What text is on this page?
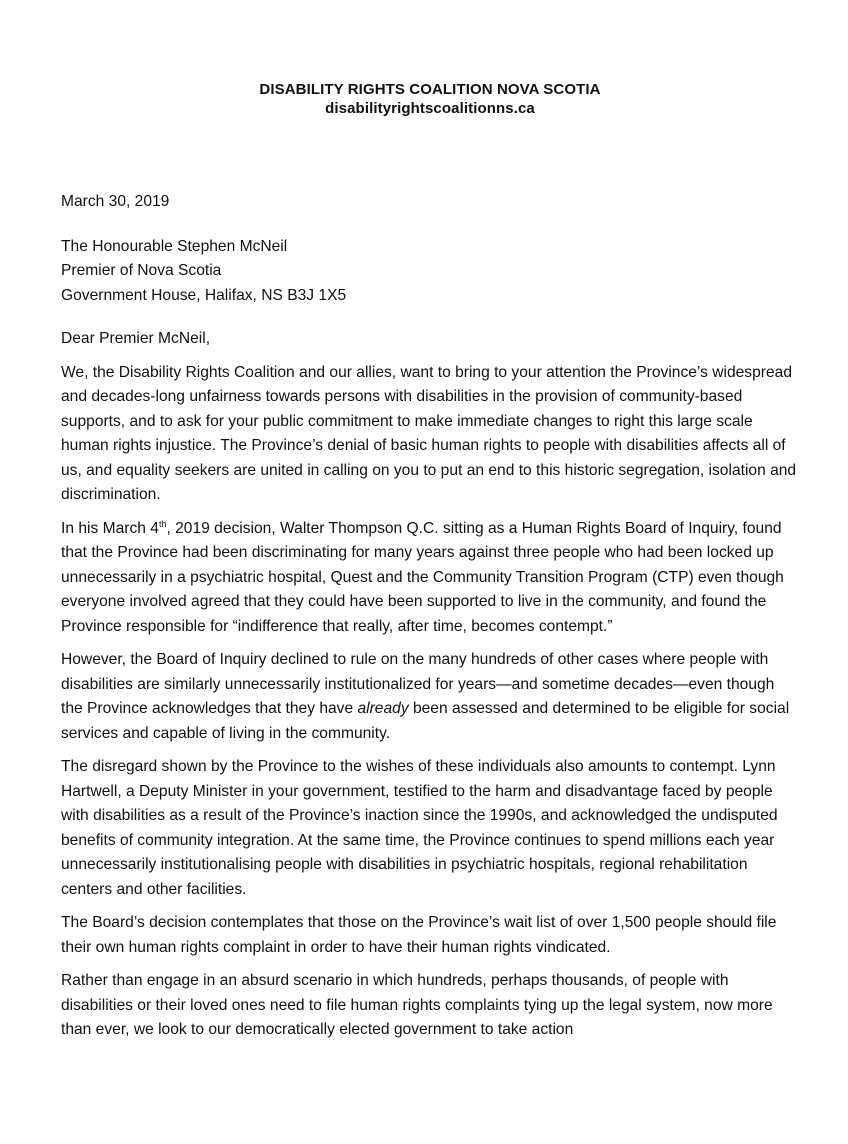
DISABILITY RIGHTS COALITION NOVA SCOTIA
disabilityrightscoalitionns.ca

March 30, 2019

The Honourable Stephen McNeil
Premier of Nova Scotia
Government House, Halifax, NS B3J 1X5

Dear Premier McNeil,

We, the Disability Rights Coalition and our allies, want to bring to your attention the Province’s widespread and decades-long unfairness towards persons with disabilities in the provision of community-based supports, and to ask for your public commitment to make immediate changes to right this large scale human rights injustice. The Province’s denial of basic human rights to people with disabilities affects all of us, and equality seekers are united in calling on you to put an end to this historic segregation, isolation and discrimination.

In his March 4th, 2019 decision, Walter Thompson Q.C. sitting as a Human Rights Board of Inquiry, found that the Province had been discriminating for many years against three people who had been locked up unnecessarily in a psychiatric hospital, Quest and the Community Transition Program (CTP) even though everyone involved agreed that they could have been supported to live in the community, and found the Province responsible for “indifference that really, after time, becomes contempt.”

However, the Board of Inquiry declined to rule on the many hundreds of other cases where people with disabilities are similarly unnecessarily institutionalized for years—and sometime decades—even though the Province acknowledges that they have already been assessed and determined to be eligible for social services and capable of living in the community.

The disregard shown by the Province to the wishes of these individuals also amounts to contempt. Lynn Hartwell, a Deputy Minister in your government, testified to the harm and disadvantage faced by people with disabilities as a result of the Province’s inaction since the 1990s, and acknowledged the undisputed benefits of community integration. At the same time, the Province continues to spend millions each year unnecessarily institutionalising people with disabilities in psychiatric hospitals, regional rehabilitation centers and other facilities.

The Board’s decision contemplates that those on the Province’s wait list of over 1,500 people should file their own human rights complaint in order to have their human rights vindicated.

Rather than engage in an absurd scenario in which hundreds, perhaps thousands, of people with disabilities or their loved ones need to file human rights complaints tying up the legal system, now more than ever, we look to our democratically elected government to take action
